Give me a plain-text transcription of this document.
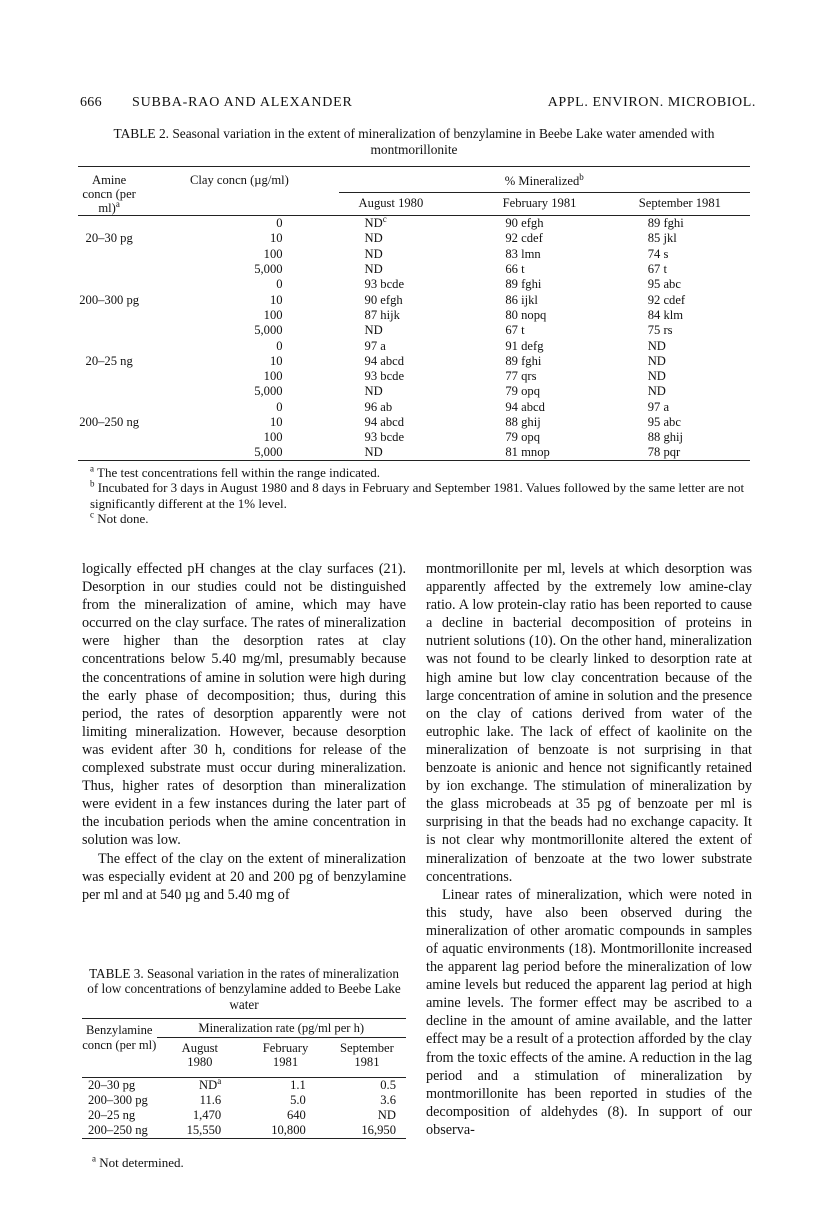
666 SUBBA-RAO AND ALEXANDER	APPL. ENVIRON. MICROBIOL.
TABLE 2. Seasonal variation in the extent of mineralization of benzylamine in Beebe Lake water amended with montmorillonite

Amine concn (per ml)$^a$	Clay concn (µg/ml)	% Mineralized$^b$
		August 1980	February 1981	September 1981

	0	$ND^c$	90 efgh	89 fghi
20–30 pg	10	ND	92 cdef	85 jkl
	100	ND	83 lmn	74 s
	5,000	ND	66 t	67 t
	0	93 bcde	89 fghi	95 abc
200–300 pg	10	90 efgh	86 ijkl	92 cdef
	100	87 hijk	80 nopq	84 klm
	5,000	ND	67 t	75 rs
	0	97 a	91 defg	ND
20–25 ng	10	94 abcd	89 fghi	ND
	100	93 bcde	77 qrs	ND
	5,000	ND	79 opq	ND
	0	96 ab	94 abcd	97 a
200–250 ng	10	94 abcd	88 ghij	95 abc
	100	93 bcde	79 opq	88 ghij
	5,000	ND	81 mnop	78 pqr

$^a$ The test concentrations fell within the range indicated.
$^b$ Incubated for 3 days in August 1980 and 8 days in February and September 1981. Values followed by the same letter are not significantly different at the 1% level.
$^c$ Not done.

logically effected pH changes at the clay surfaces (21). Desorption in our studies could not be distinguished from the mineralization of amine, which may have occurred on the clay surface. The rates of mineralization were higher than the desorption rates at clay concentrations below 5.40 mg/ml, presumably because the concentrations of amine in solution were high during the early phase of decomposition; thus, during this period, the rates of desorption apparently were not limiting mineralization. However, because desorption was evident after 30 h, conditions for release of the complexed substrate must occur during mineralization. Thus, higher rates of desorption than mineralization were evident in a few instances during the later part of the incubation periods when the amine concentration in solution was low.

The effect of the clay on the extent of mineralization was especially evident at 20 and 200 pg of benzylamine per ml and at 540 µg and 5.40 mg of

montmorillonite per ml, levels at which desorption was apparently affected by the extremely low amine-clay ratio. A low protein-clay ratio has been reported to cause a decline in bacterial decomposition of proteins in nutrient solutions (10). On the other hand, mineralization was not found to be clearly linked to desorption rate at high amine but low clay concentration because of the large concentration of amine in solution and the presence on the clay of cations derived from water of the eutrophic lake. The lack of effect of kaolinite on the mineralization of benzoate is not surprising in that benzoate is anionic and hence not significantly retained by ion exchange. The stimulation of mineralization by the glass microbeads at 35 pg of benzoate per ml is surprising in that the beads had no exchange capacity. It is not clear why montmorillonite altered the extent of mineralization of benzoate at the two lower substrate concentrations.

Linear rates of mineralization, which were noted in this study, have also been observed during the mineralization of other aromatic compounds in samples of aquatic environments (18). Montmorillonite increased the apparent lag period before the mineralization of low amine levels but reduced the apparent lag period at high amine levels. The former effect may be ascribed to a decline in the amount of amine available, and the latter effect may be a result of a protection afforded by the clay from the toxic effects of the amine. A reduction in the lag period and a stimulation of mineralization by montmorillonite has been reported in studies of the decomposition of aldehydes (8). In support of our observa-

TABLE 3. Seasonal variation in the rates of mineralization of low concentrations of benzylamine added to Beebe Lake water

Benzylamine concn (per ml)	Mineralization rate (pg/ml per h)		
	August 1980	February 1981	September 1981

20–30 pg	$ND^a$	1.1	0.5
200–300 pg	11.6	5.0	3.6
20–25 ng	1,470	640	ND
200–250 ng	15,550	10,800	16,950

$^a$ Not determined.
